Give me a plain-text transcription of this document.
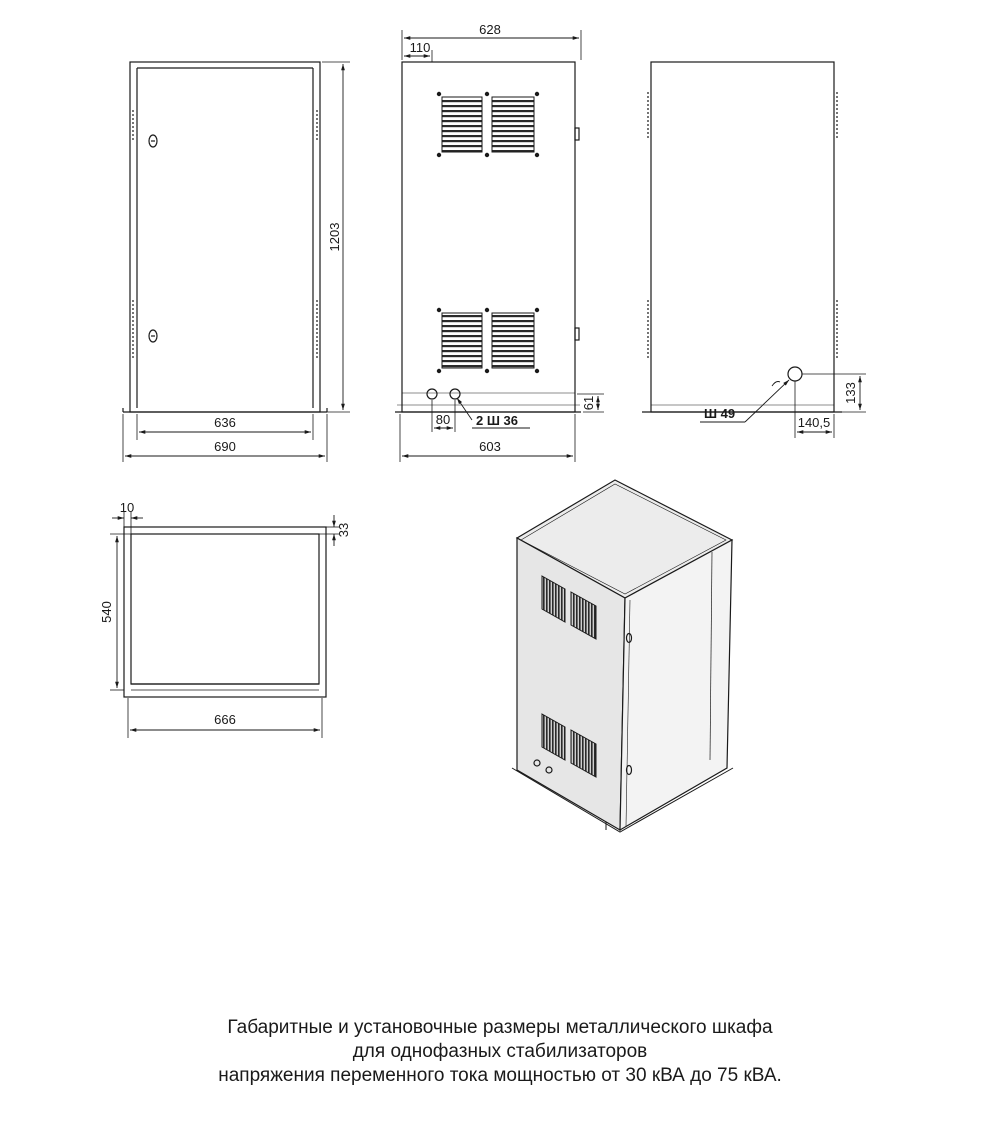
1203
636
690
628
110
80 2 Ш 36
61
603
Ш 49
133
140,5
10
33
540
666
Габаритные и установочные размеры металлического шкафа
для однофазных стабилизаторов
напряжения переменного тока мощностью от 30 кВА до 75 кВА.
